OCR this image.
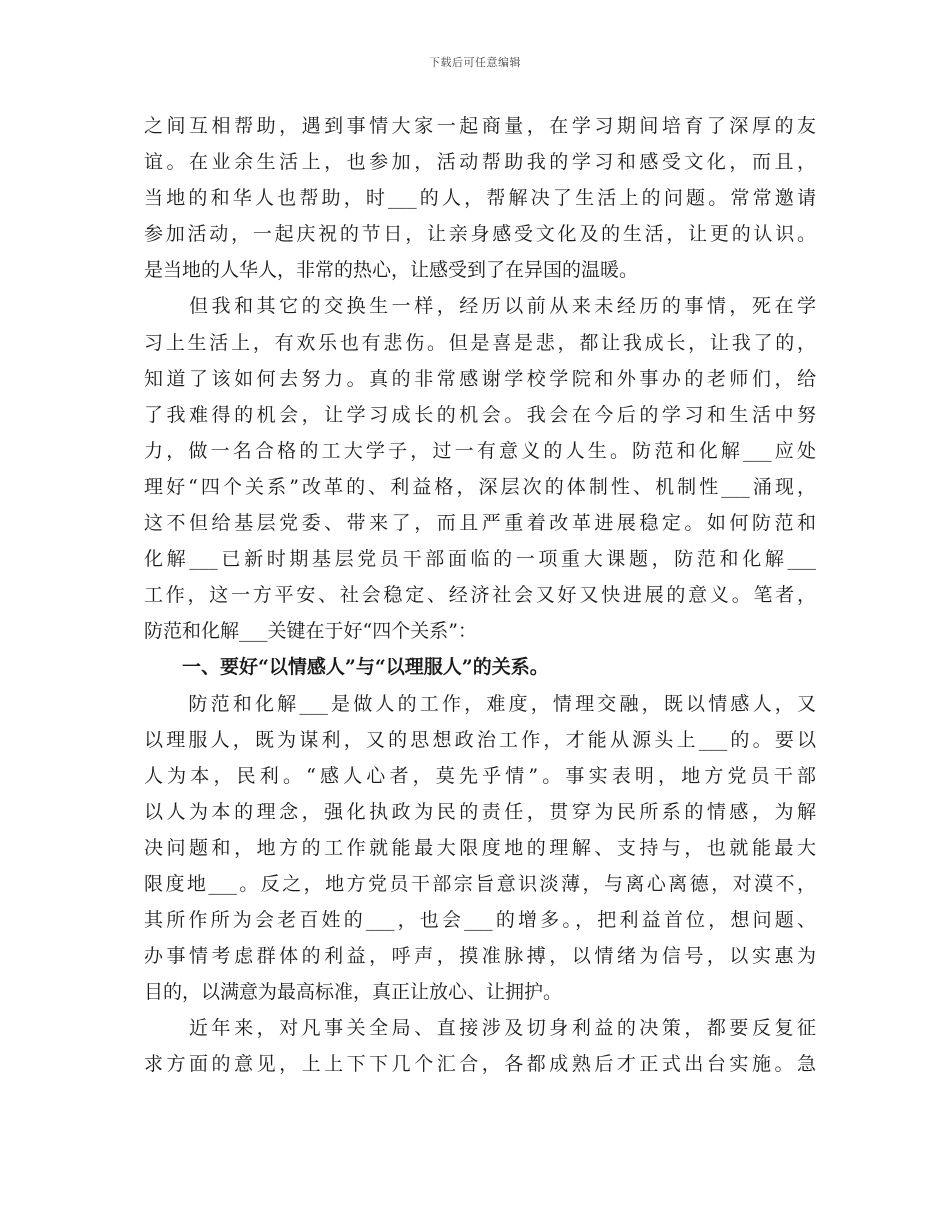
下载后可任意编辑
之间互相帮助，遇到事情大家一起商量，在学习期间培育了深厚的友
谊。在业余生活上，也参加，活动帮助我的学习和感受文化，而且，
当地的和华人也帮助，时___的人，帮解决了生活上的问题。常常邀请
参加活动，一起庆祝的节日，让亲身感受文化及的生活，让更的认识。
是当地的人华人，非常的热心，让感受到了在异国的温暖。
　　但我和其它的交换生一样，经历以前从来未经历的事情，死在学
习上生活上，有欢乐也有悲伤。但是喜是悲，都让我成长，让我了的，
知道了该如何去努力。真的非常感谢学校学院和外事办的老师们，给
了我难得的机会，让学习成长的机会。我会在今后的学习和生活中努
力，做一名合格的工大学子，过一有意义的人生。防范和化解___应处
理好“四个关系”改革的、利益格，深层次的体制性、机制性___涌现，
这不但给基层党委、带来了，而且严重着改革进展稳定。如何防范和
化解___已新时期基层党员干部面临的一项重大课题，防范和化解___
工作，这一方平安、社会稳定、经济社会又好又快进展的意义。笔者，
防范和化解___关键在于好“四个关系”：
　　一、要好“以情感人”与“以理服人”的关系。
　　防范和化解___是做人的工作，难度，情理交融，既以情感人，又
以理服人，既为谋利，又的思想政治工作，才能从源头上___的。要以
人为本，民利。“感人心者，莫先乎情”。事实表明，地方党员干部
以人为本的理念，强化执政为民的责任，贯穿为民所系的情感，为解
决问题和，地方的工作就能最大限度地的理解、支持与，也就能最大
限度地___。反之，地方党员干部宗旨意识淡薄，与离心离德，对漠不，
其所作所为会老百姓的___，也会___的增多。，把利益首位，想问题、
办事情考虑群体的利益，呼声，摸准脉搏，以情绪为信号，以实惠为
目的，以满意为最高标准，真正让放心、让拥护。
　　近年来，对凡事关全局、直接涉及切身利益的决策，都要反复征
求方面的意见，上上下下几个汇合，各都成熟后才正式出台实施。急
